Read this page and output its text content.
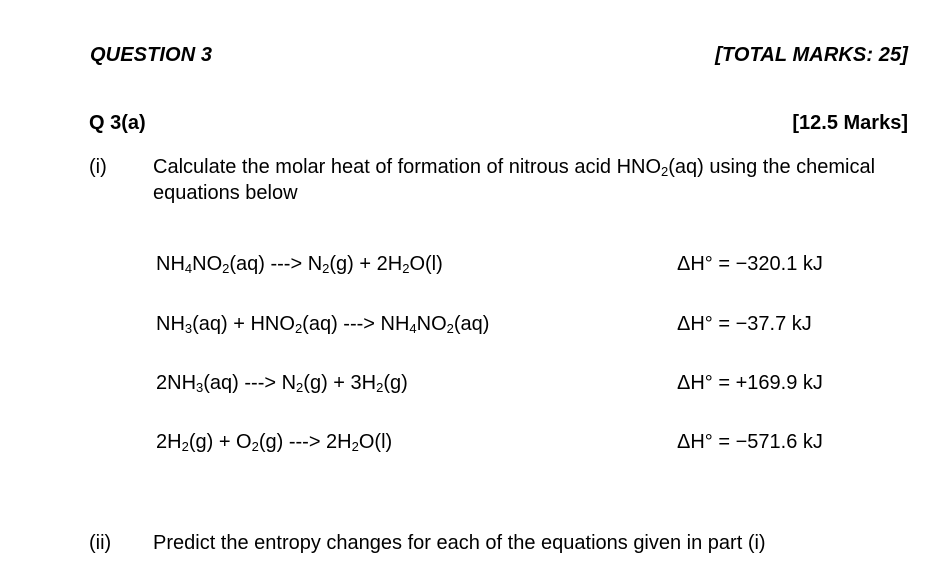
QUESTION 3	[TOTAL MARKS: 25]
Q 3(a)	[12.5 Marks]
(i) Calculate the molar heat of formation of nitrous acid $HNO_2(aq)$ using the chemical equations below
$NH_4NO_2(aq)$ ---> $N_2(g) + 2H_2O(l)$	ΔH° = −320.1 kJ
$NH_3(aq) + HNO_2(aq)$ ---> $NH_4NO_2(aq)$	ΔH° = −37.7 kJ
$2NH_3(aq)$ ---> $N_2(g) + 3H_2(g)$	ΔH° = +169.9 kJ
$2H_2(g) + O_2(g)$ ---> $2H_2O(l)$	ΔH° = −571.6 kJ
(ii) Predict the entropy changes for each of the equations given in part (i)
